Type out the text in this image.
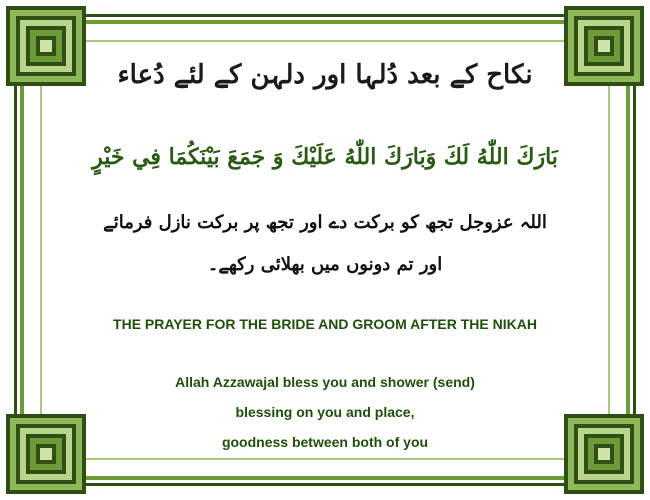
نکاح کے بعد دُلہا اور دلہن کے لئے دُعاء
بَارَكَ اللّٰهُ لَكَ وَبَارَكَ اللّٰهُ عَلَيْكَ وَ جَمَعَ بَيْنَكُمَا فِي خَيْرٍ
اللہ عزوجل تجھ کو برکت دے اور تجھ پر برکت نازل فرمائے
اور تم دونوں میں بھلائی رکھے۔
THE PRAYER FOR THE BRIDE AND GROOM AFTER THE NIKAH
Allah Azzawajal bless you and shower (send)
blessing on you and place,
goodness between both of you
